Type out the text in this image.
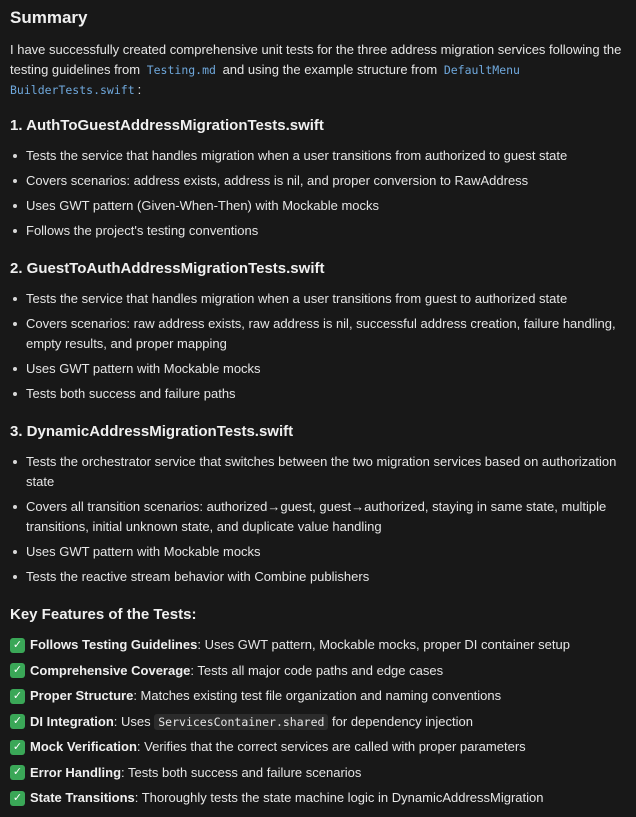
Summary

I have successfully created comprehensive unit tests for the three address migration services following the testing guidelines from Testing.md and using the example structure from DefaultMenu BuilderTests.swift :

1. AuthToGuestAddressMigrationTests.swift
Tests the service that handles migration when a user transitions from authorized to guest state
Covers scenarios: address exists, address is nil, and proper conversion to RawAddress
Uses GWT pattern (Given-When-Then) with Mockable mocks
Follows the project's testing conventions
2. GuestToAuthAddressMigrationTests.swift
Tests the service that handles migration when a user transitions from guest to authorized state
Covers scenarios: raw address exists, raw address is nil, successful address creation, failure handling, empty results, and proper mapping
Uses GWT pattern with Mockable mocks
Tests both success and failure paths
3. DynamicAddressMigrationTests.swift
Tests the orchestrator service that switches between the two migration services based on authorization state
Covers all transition scenarios: authorized→guest, guest→authorized, staying in same state, multiple transitions, initial unknown state, and duplicate value handling
Uses GWT pattern with Mockable mocks
Tests the reactive stream behavior with Combine publishers
Key Features of the Tests:
✓ Follows Testing Guidelines: Uses GWT pattern, Mockable mocks, proper DI container setup
✓ Comprehensive Coverage: Tests all major code paths and edge cases
✓ Proper Structure: Matches existing test file organization and naming conventions
✓ DI Integration: Uses ServicesContainer.shared for dependency injection
✓ Mock Verification: Verifies that the correct services are called with proper parameters
✓ Error Handling: Tests both success and failure scenarios
✓ State Transitions: Thoroughly tests the state machine logic in DynamicAddressMigration
